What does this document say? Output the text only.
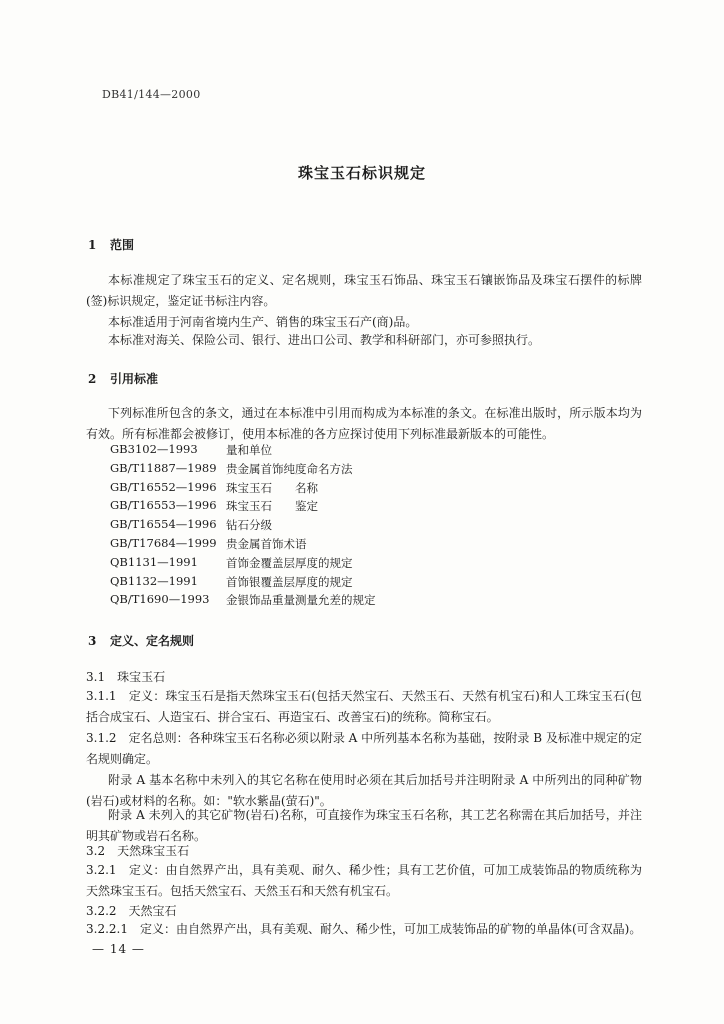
DB41/144—2000
珠宝玉石标识规定
1 范围
本标准规定了珠宝玉石的定义、定名规则，珠宝玉石饰品、珠宝玉石镶嵌饰品及珠宝石摆件的标牌(签)标识规定，鉴定证书标注内容。
本标准适用于河南省境内生产、销售的珠宝玉石产(商)品。
本标准对海关、保险公司、银行、进出口公司、教学和科研部门，亦可参照执行。
2 引用标准
下列标准所包含的条文，通过在本标准中引用而构成为本标准的条文。在标准出版时，所示版本均为有效。所有标准都会被修订，使用本标准的各方应探讨使用下列标准最新版本的可能性。
GB3102—1993 量和单位
GB/T11887—1989 贵金属首饰纯度命名方法
GB/T16552—1996 珠宝玉石　　名称
GB/T16553—1996 珠宝玉石　　鉴定
GB/T16554—1996 钻石分级
GB/T17684—1999 贵金属首饰术语
QB1131—1991 首饰金覆盖层厚度的规定
QB1132—1991 首饰银覆盖层厚度的规定
QB/T1690—1993 金银饰品重量测量允差的规定
3 定义、定名规则
3.1　珠宝玉石
3.1.1　定义：珠宝玉石是指天然珠宝玉石(包括天然宝石、天然玉石、天然有机宝石)和人工珠宝玉石(包括合成宝石、人造宝石、拼合宝石、再造宝石、改善宝石)的统称。简称宝石。
3.1.2　定名总则：各种珠宝玉石名称必须以附录 A 中所列基本名称为基础，按附录 B 及标准中规定的定名规则确定。
附录 A 基本名称中未列入的其它名称在使用时必须在其后加括号并注明附录 A 中所列出的同种矿物(岩石)或材料的名称。如："软水紫晶(萤石)"。
附录 A 未列入的其它矿物(岩石)名称，可直接作为珠宝玉石名称，其工艺名称需在其后加括号，并注明其矿物或岩石名称。
3.2　天然珠宝玉石
3.2.1　定义：由自然界产出，具有美观、耐久、稀少性；具有工艺价值，可加工成装饰品的物质统称为天然珠宝玉石。包括天然宝石、天然玉石和天然有机宝石。
3.2.2　天然宝石
3.2.2.1　定义：由自然界产出，具有美观、耐久、稀少性，可加工成装饰品的矿物的单晶体(可含双晶)。
— 14 —
